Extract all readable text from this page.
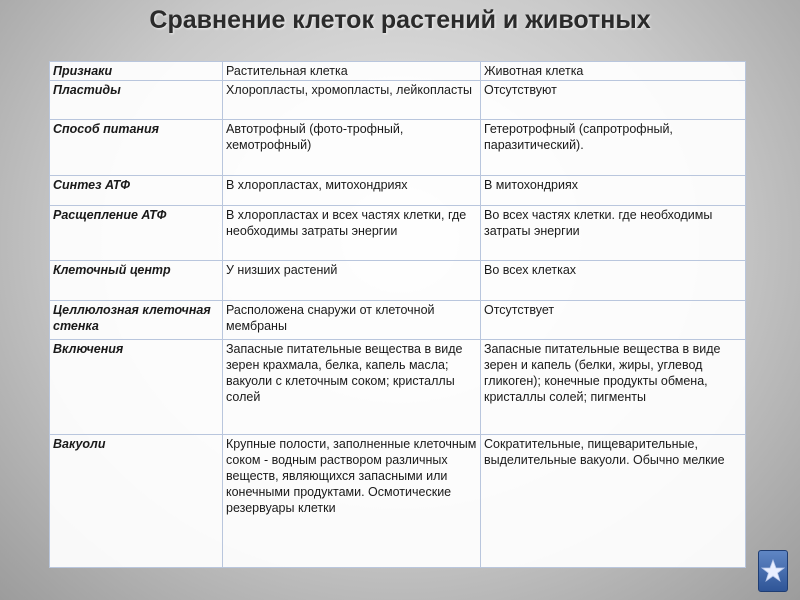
Сравнение клеток растений и животных
Признаки	Растительная клетка	Животная клетка
Пластиды	Хлоропласты, хромопласты, лейкопласты	Отсутствуют
Способ питания	Автотрофный (фото-трофный, хемотрофный)	Гетеротрофный (сапротрофный, паразитический).
Синтез АТФ	В хлоропластах, митохондриях	В митохондриях
Расщепление АТФ	В хлоропластах и всех частях клетки, где необходимы затраты энергии	Во всех частях клетки. где необходимы затраты энергии
Клеточный центр	У низших растений	Во всех клетках
Целлюлозная клеточная стенка	Расположена снаружи от клеточной мембраны	Отсутствует
Включения	Запасные питательные вещества в виде зерен крахмала, белка, капель масла; вакуоли с клеточным соком; кристаллы солей	Запасные питательные вещества в виде зерен и капель (белки, жиры, углевод гликоген); конечные продукты обмена, кристаллы солей; пигменты
Вакуоли	Крупные полости, заполненные клеточным соком - водным раствором различных веществ, являющихся запасными или конечными продуктами. Осмотические резервуары клетки	Сократительные, пищеварительные, выделительные вакуоли. Обычно мелкие
